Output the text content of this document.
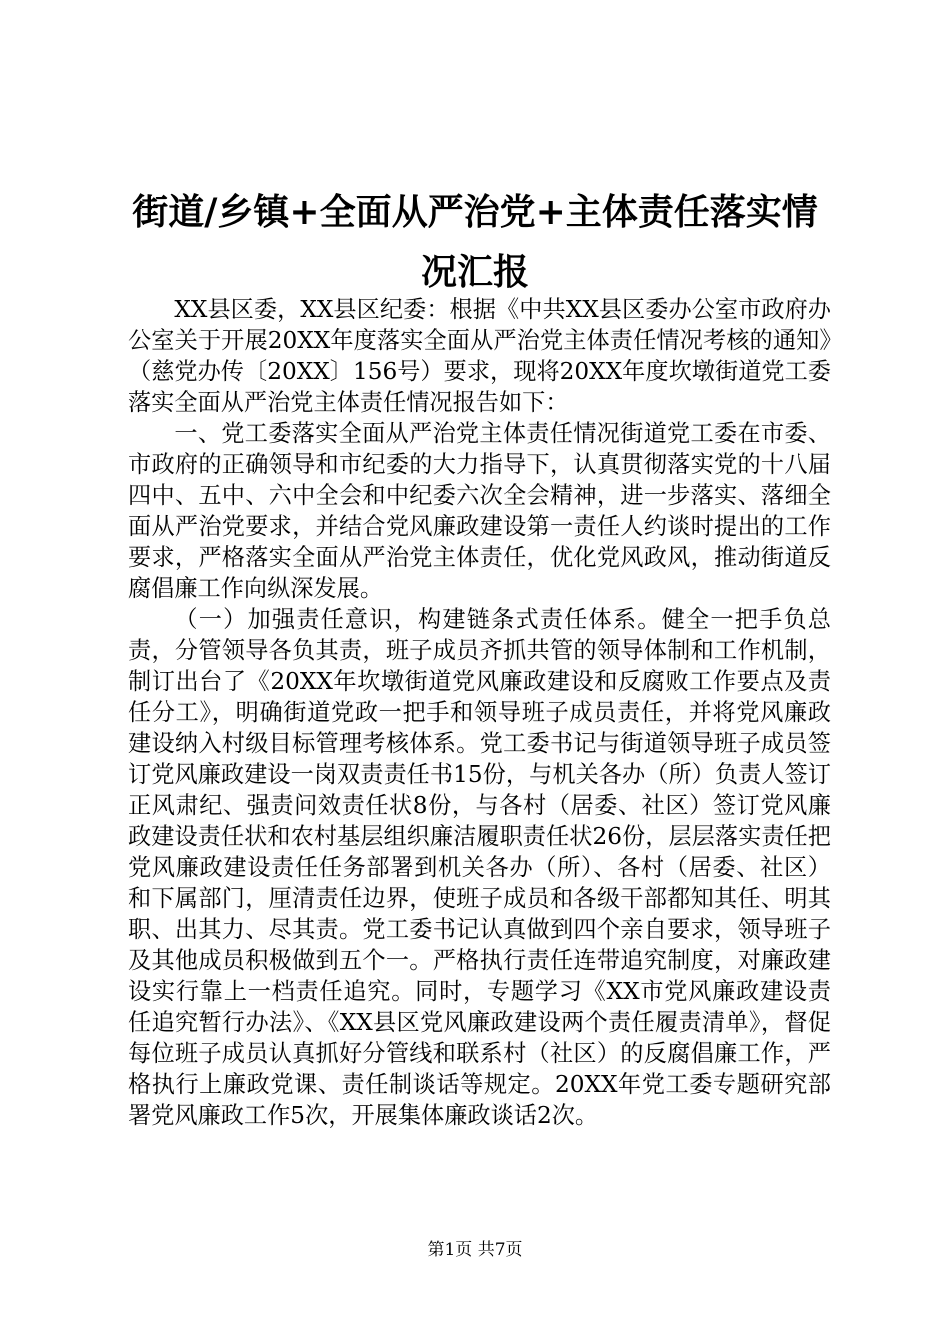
街道/乡镇+全面从严治党+主体责任落实情况汇报

XX县区委，XX县区纪委：根据《中共XX县区委办公室市政府办公室关于开展20XX年度落实全面从严治党主体责任情况考核的通知》（慈党办传〔20XX〕156号）要求，现将20XX年度坎墩街道党工委落实全面从严治党主体责任情况报告如下：

一、党工委落实全面从严治党主体责任情况街道党工委在市委、市政府的正确领导和市纪委的大力指导下，认真贯彻落实党的十八届四中、五中、六中全会和中纪委六次全会精神，进一步落实、落细全面从严治党要求，并结合党风廉政建设第一责任人约谈时提出的工作要求，严格落实全面从严治党主体责任，优化党风政风，推动街道反腐倡廉工作向纵深发展。

（一）加强责任意识，构建链条式责任体系。健全一把手负总责，分管领导各负其责，班子成员齐抓共管的领导体制和工作机制，制订出台了《20XX年坎墩街道党风廉政建设和反腐败工作要点及责任分工》，明确街道党政一把手和领导班子成员责任，并将党风廉政建设纳入村级目标管理考核体系。党工委书记与街道领导班子成员签订党风廉政建设一岗双责责任书15份，与机关各办（所）负责人签订正风肃纪、强责问效责任状8份，与各村（居委、社区）签订党风廉政建设责任状和农村基层组织廉洁履职责任状26份，层层落实责任把党风廉政建设责任任务部署到机关各办（所）、各村（居委、社区）和下属部门，厘清责任边界，使班子成员和各级干部都知其任、明其职、出其力、尽其责。党工委书记认真做到四个亲自要求，领导班子及其他成员积极做到五个一。严格执行责任连带追究制度，对廉政建设实行靠上一档责任追究。同时，专题学习《XX市党风廉政建设责任追究暂行办法》、《XX县区党风廉政建设两个责任履责清单》，督促每位班子成员认真抓好分管线和联系村（社区）的反腐倡廉工作，严格执行上廉政党课、责任制谈话等规定。20XX年党工委专题研究部署党风廉政工作5次，开展集体廉政谈话2次。

第1页 共7页
